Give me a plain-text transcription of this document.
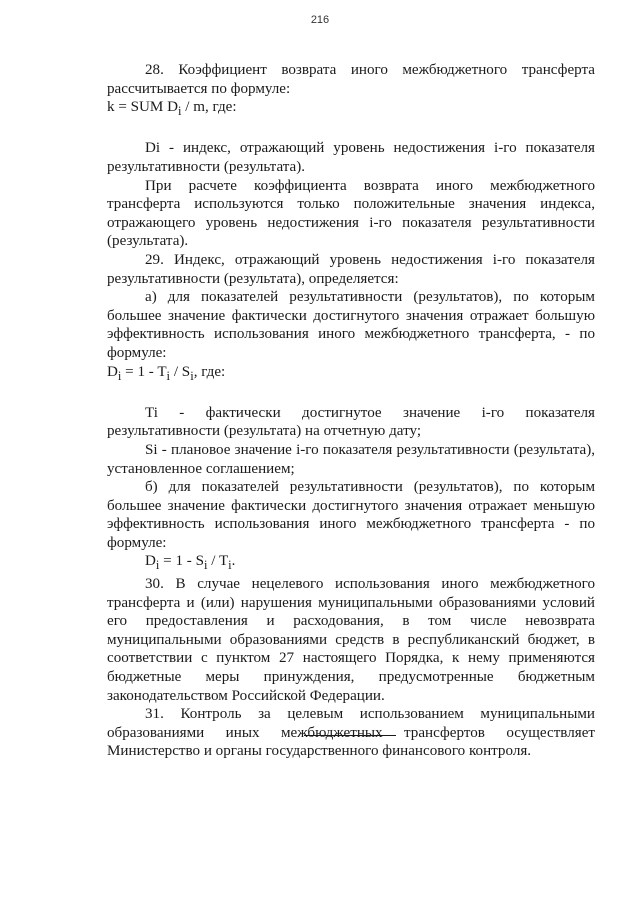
216

28. Коэффициент возврата иного межбюджетного трансферта рассчитывается по формуле:

k = SUM $D_i$ / m, где:

Di - индекс, отражающий уровень недостижения i-го показателя результативности (результата).

При расчете коэффициента возврата иного межбюджетного трансферта используются только положительные значения индекса, отражающего уровень недостижения i-го показателя результативности (результата).

29. Индекс, отражающий уровень недостижения i-го показателя результативности (результата), определяется:

а) для показателей результативности (результатов), по которым большее значение фактически достигнутого значения отражает большую эффективность использования иного межбюджетного трансферта, - по формуле:

$D_i = 1 - T_i / S_i$, где:

Ti - фактически достигнутое значение i-го показателя результативности (результата) на отчетную дату;

Si - плановое значение i-го показателя результативности (результата), установленное соглашением;

б) для показателей результативности (результатов), по которым большее значение фактически достигнутого значения отражает меньшую эффективность использования иного межбюджетного трансферта - по формуле:

$D_i = 1 - S_i / T_i$.

30. В случае нецелевого использования иного межбюджетного трансферта и (или) нарушения муниципальными образованиями условий его предоставления и расходования, в том числе невозврата муниципальными образованиями средств в республиканский бюджет, в соответствии с пунктом 27 настоящего Порядка, к нему применяются бюджетные меры принуждения, предусмотренные бюджетным законодательством Российской Федерации.

31. Контроль за целевым использованием муниципальными образованиями иных межбюджетных трансфертов осуществляет Министерство и органы государственного финансового контроля.
